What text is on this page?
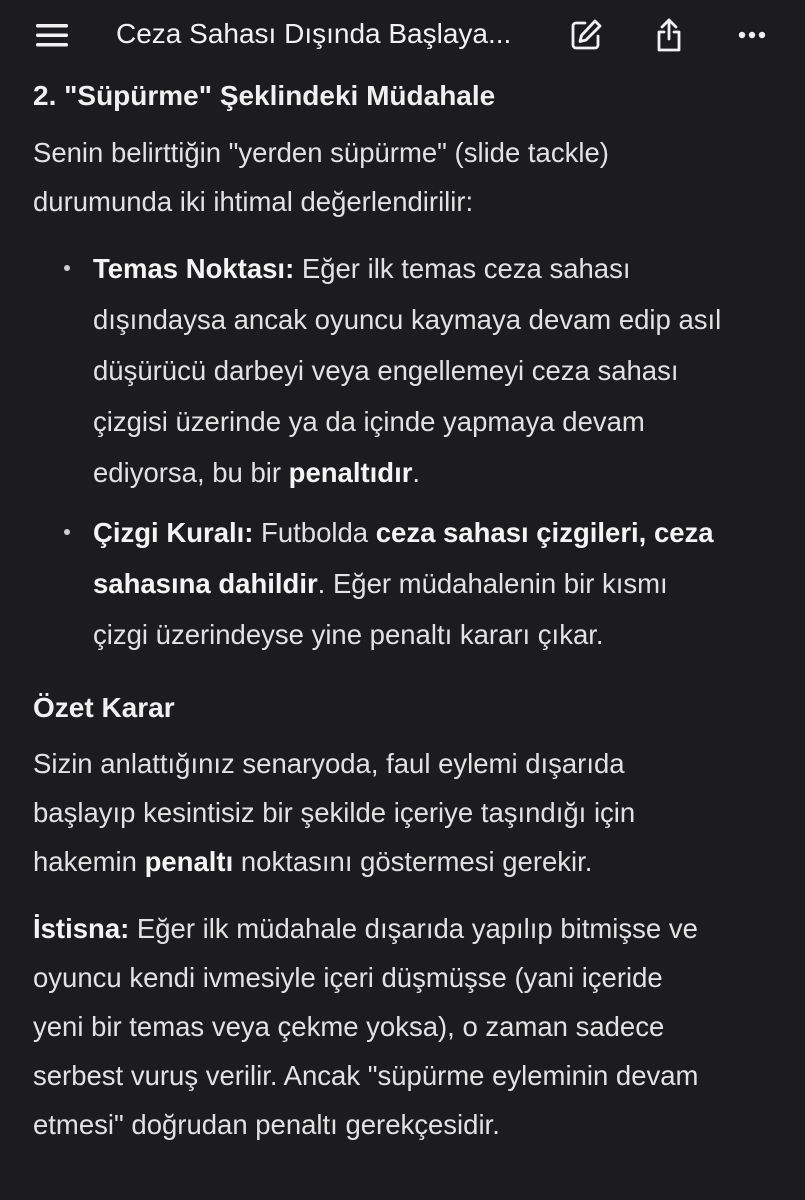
2. "Süpürme" Şeklindeki Müdahale
Senin belirttiğin "yerden süpürme" (slide tackle)
durumunda iki ihtimal değerlendirilir:
Temas Noktası: Eğer ilk temas ceza sahası
dışındaysa ancak oyuncu kaymaya devam edip asıl
düşürücü darbeyi veya engellemeyi ceza sahası
çizgisi üzerinde ya da içinde yapmaya devam
ediyorsa, bu bir penaltıdır.
Çizgi Kuralı: Futbolda ceza sahası çizgileri, ceza
sahasına dahildir. Eğer müdahalenin bir kısmı
çizgi üzerindeyse yine penaltı kararı çıkar.
Özet Karar
Sizin anlattığınız senaryoda, faul eylemi dışarıda
başlayıp kesintisiz bir şekilde içeriye taşındığı için
hakemin penaltı noktasını göstermesi gerekir.
İstisna: Eğer ilk müdahale dışarıda yapılıp bitmişse ve
oyuncu kendi ivmesiyle içeri düşmüşse (yani içeride
yeni bir temas veya çekme yoksa), o zaman sadece
serbest vuruş verilir. Ancak "süpürme eyleminin devam
etmesi" doğrudan penaltı gerekçesidir.
Ceza Sahası Dışında Başlaya...
